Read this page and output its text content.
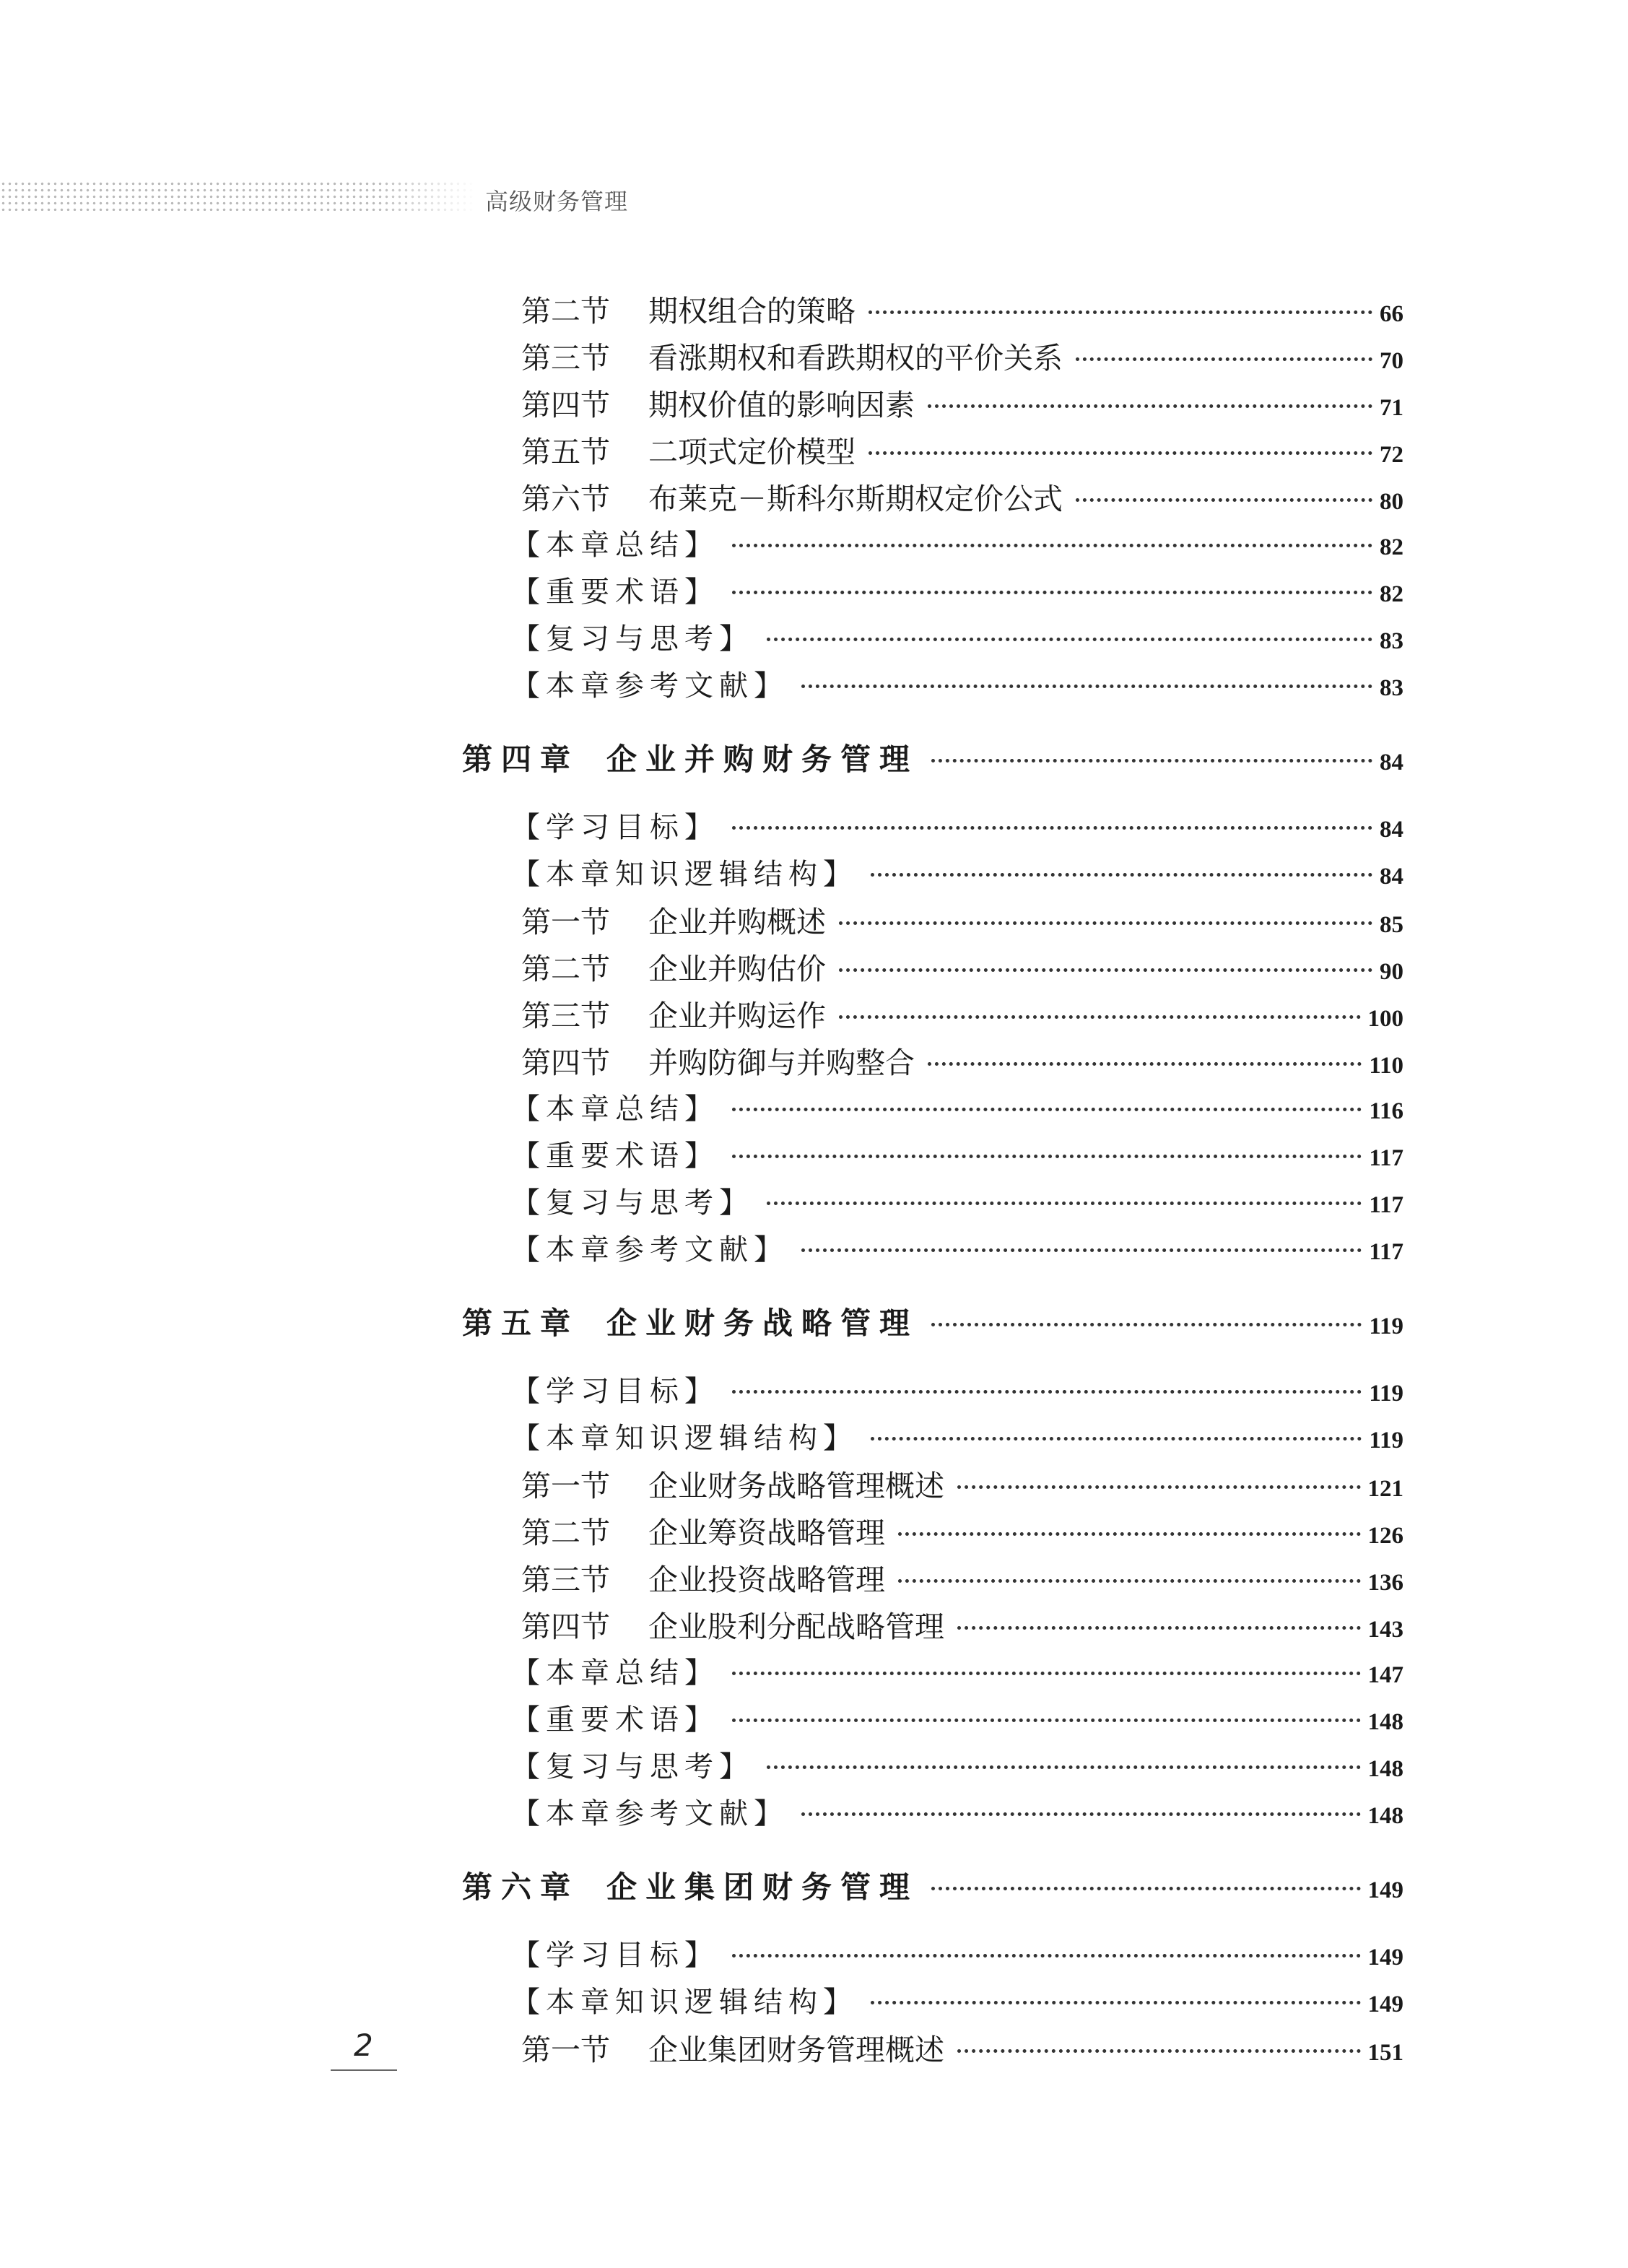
高级财务管理
第二节 期权组合的策略	66
第三节 看涨期权和看跌期权的平价关系	70
第四节 期权价值的影响因素	71
第五节 二项式定价模型	72
第六节 布莱克－斯科尔斯期权定价公式	80
【本章总结】	82
【重要术语】	82
【复习与思考】	83
【本章参考文献】	83
第四章 企业并购财务管理	84
【学习目标】	84
【本章知识逻辑结构】	84
第一节 企业并购概述	85
第二节 企业并购估价	90
第三节 企业并购运作	100
第四节 并购防御与并购整合	110
【本章总结】	116
【重要术语】	117
【复习与思考】	117
【本章参考文献】	117
第五章 企业财务战略管理	119
【学习目标】	119
【本章知识逻辑结构】	119
第一节 企业财务战略管理概述	121
第二节 企业筹资战略管理	126
第三节 企业投资战略管理	136
第四节 企业股利分配战略管理	143
【本章总结】	147
【重要术语】	148
【复习与思考】	148
【本章参考文献】	148
第六章 企业集团财务管理	149
【学习目标】	149
【本章知识逻辑结构】	149
第一节 企业集团财务管理概述	151
2
